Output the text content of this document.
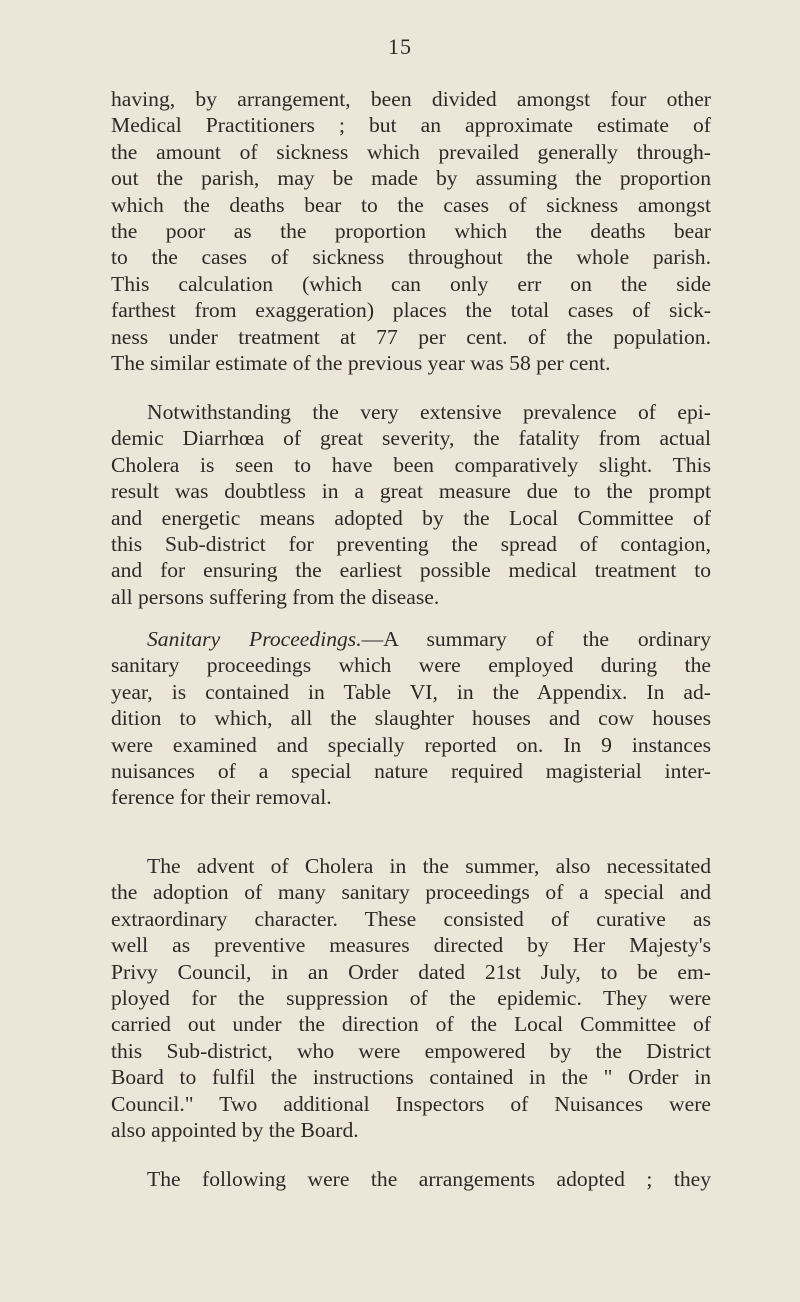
15

having, by arrangement, been divided amongst four other
Medical Practitioners ; but an approximate estimate of
the amount of sickness which prevailed generally through-
out the parish, may be made by assuming the proportion
which the deaths bear to the cases of sickness amongst
the poor as the proportion which the deaths bear
to the cases of sickness throughout the whole parish.
This calculation (which can only err on the side
farthest from exaggeration) places the total cases of sick-
ness under treatment at 77 per cent. of the population.
The similar estimate of the previous year was 58 per cent.

Notwithstanding the very extensive prevalence of epi-
demic Diarrhœa of great severity, the fatality from actual
Cholera is seen to have been comparatively slight. This
result was doubtless in a great measure due to the prompt
and energetic means adopted by the Local Committee of
this Sub-district for preventing the spread of contagion,
and for ensuring the earliest possible medical treatment to
all persons suffering from the disease.

Sanitary Proceedings.—A summary of the ordinary
sanitary proceedings which were employed during the
year, is contained in Table VI, in the Appendix. In ad-
dition to which, all the slaughter houses and cow houses
were examined and specially reported on. In 9 instances
nuisances of a special nature required magisterial inter-
ference for their removal.

The advent of Cholera in the summer, also necessitated
the adoption of many sanitary proceedings of a special and
extraordinary character. These consisted of curative as
well as preventive measures directed by Her Majesty's
Privy Council, in an Order dated 21st July, to be em-
ployed for the suppression of the epidemic. They were
carried out under the direction of the Local Committee of
this Sub-district, who were empowered by the District
Board to fulfil the instructions contained in the " Order in
Council." Two additional Inspectors of Nuisances were
also appointed by the Board.

The following were the arrangements adopted ; they
